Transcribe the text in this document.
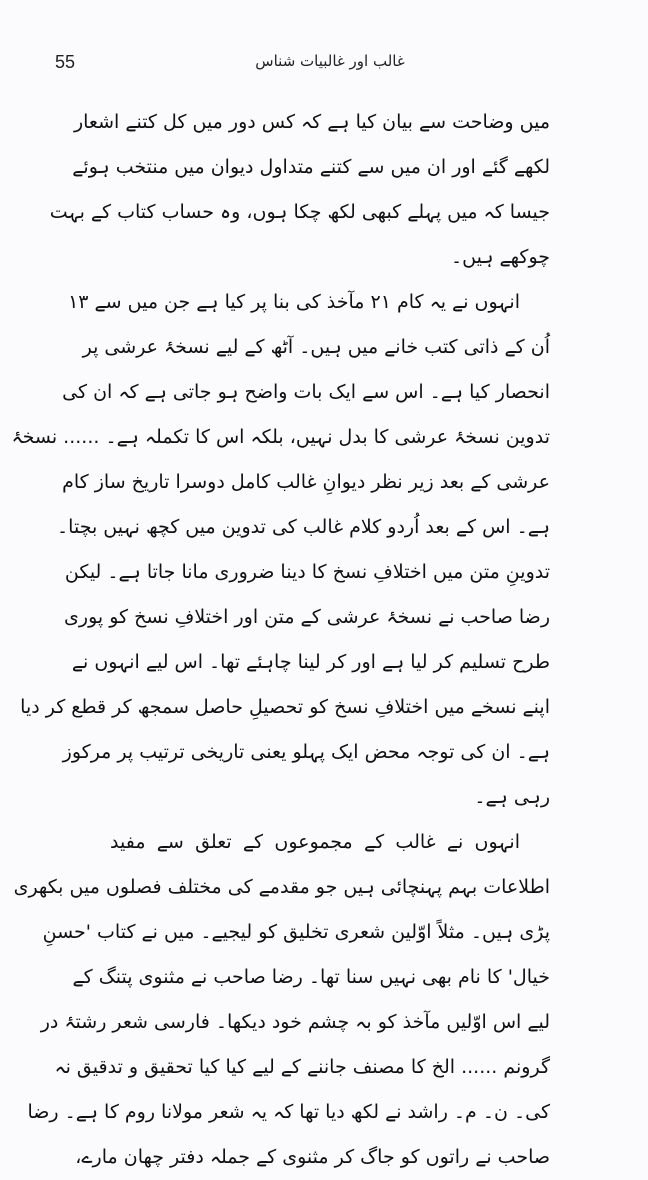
55	غالب اور غالبیات شناس
میں وضاحت سے بیان کیا ہے کہ کس دور میں کل کتنے اشعار
لکھے گئے اور ان میں سے کتنے متداول دیوان میں منتخب ہوئے
جیسا کہ میں پہلے کبھی لکھ چکا ہوں، وہ حساب کتاب کے بہت
چوکھے ہیں۔
انہوں نے یہ کام ۲۱ مآخذ کی بنا پر کیا ہے جن میں سے ۱۳
اُن کے ذاتی کتب خانے میں ہیں۔ آٹھ کے لیے نسخۂ عرشی پر
انحصار کیا ہے۔ اس سے ایک بات واضح ہو جاتی ہے کہ ان کی
تدوین نسخۂ عرشی کا بدل نہیں، بلکہ اس کا تکملہ ہے۔ ...... نسخۂ
عرشی کے بعد زیر نظر دیوانِ غالب کامل دوسرا تاریخ ساز کام
ہے۔ اس کے بعد اُردو کلام غالب کی تدوین میں کچھ نہیں بچتا۔
تدوینِ متن میں اختلافِ نسخ کا دینا ضروری مانا جاتا ہے۔ لیکن
رضا صاحب نے نسخۂ عرشی کے متن اور اختلافِ نسخ کو پوری
طرح تسلیم کر لیا ہے اور کر لینا چاہئے تھا۔ اس لیے انہوں نے
اپنے نسخے میں اختلافِ نسخ کو تحصیلِ حاصل سمجھ کر قطع کر دیا
ہے۔ ان کی توجہ محض ایک پہلو یعنی تاریخی ترتیب پر مرکوز
رہی ہے۔
انہوں نے غالب کے مجموعوں کے تعلق سے مفید
اطلاعات بہم پہنچائی ہیں جو مقدمے کی مختلف فصلوں میں بکھری
پڑی ہیں۔ مثلاً اوّلین شعری تخلیق کو لیجیے۔ میں نے کتاب 'حسنِ
خیال' کا نام بھی نہیں سنا تھا۔ رضا صاحب نے مثنوی پتنگ کے
لیے اس اوّلیں مآخذ کو بہ چشم خود دیکھا۔ فارسی شعر رشتۂ در
گرونم ...... الخ کا مصنف جاننے کے لیے کیا کیا تحقیق و تدقیق نہ
کی۔ ن۔ م۔ راشد نے لکھ دیا تھا کہ یہ شعر مولانا روم کا ہے۔ رضا
صاحب نے راتوں کو جاگ کر مثنوی کے جملہ دفتر چھان مارے،
